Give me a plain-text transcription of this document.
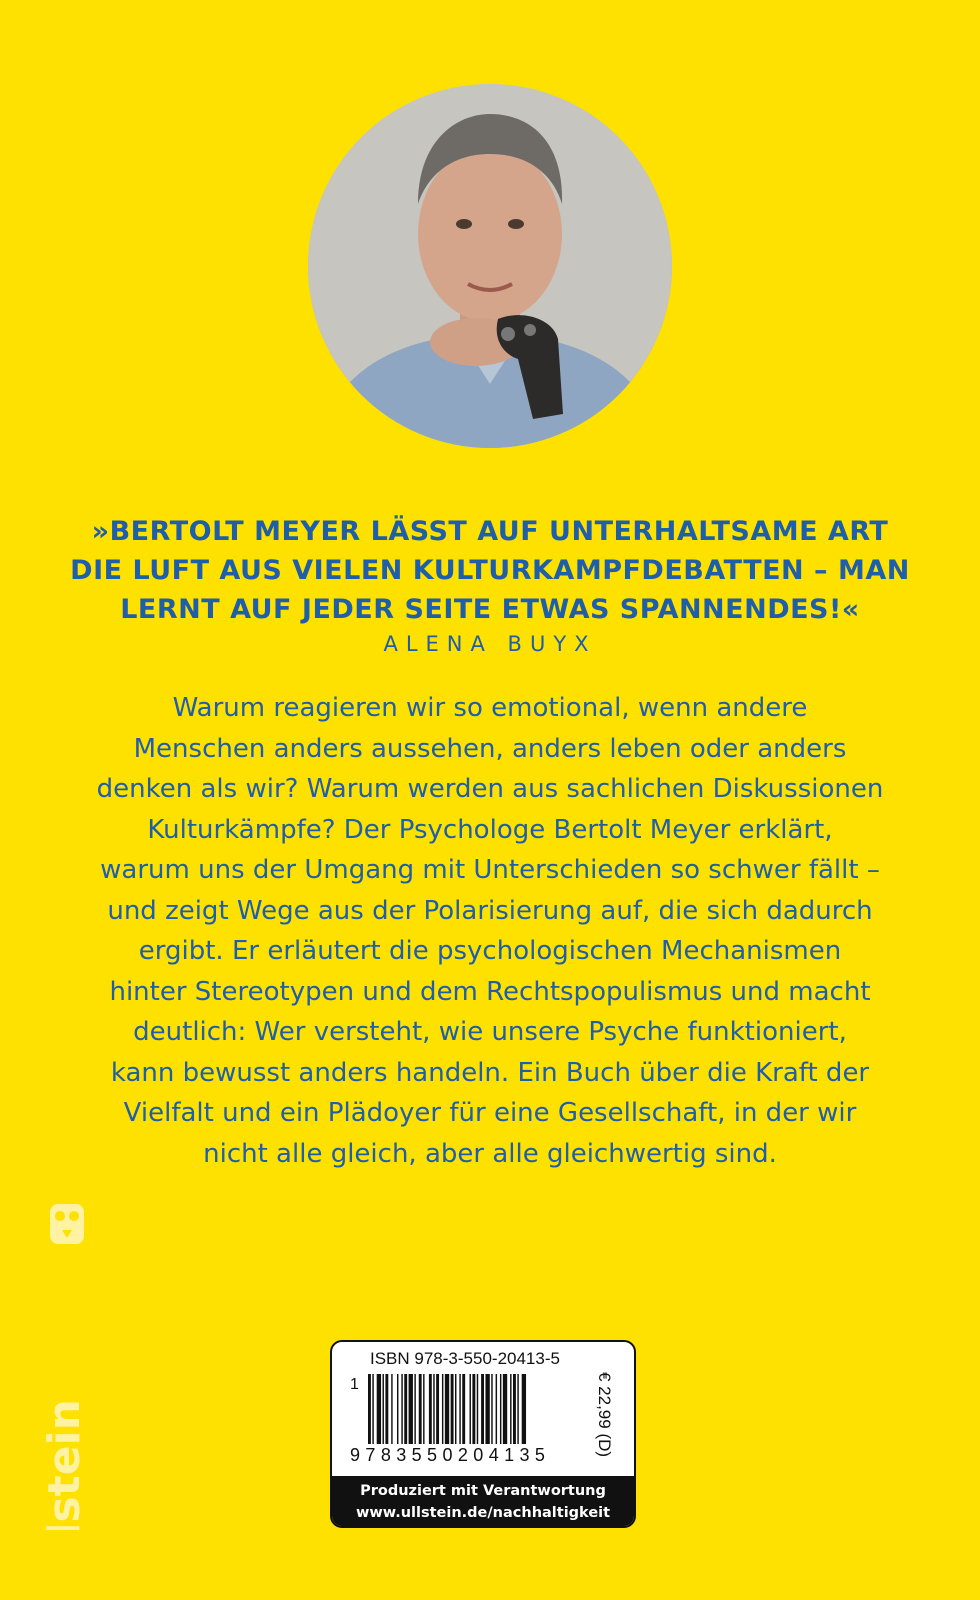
»BERTOLT MEYER LÄSST AUF UNTERHALTSAME ART
DIE LUFT AUS VIELEN KULTURKAMPFDEBATTEN – MAN
LERNT AUF JEDER SEITE ETWAS SPANNENDES!«
ALENA BUYX
Warum reagieren wir so emotional, wenn andere
Menschen anders aussehen, anders leben oder anders
denken als wir? Warum werden aus sachlichen Diskussionen
Kulturkämpfe? Der Psychologe Bertolt Meyer erklärt,
warum uns der Umgang mit Unterschieden so schwer fällt –
und zeigt Wege aus der Polarisierung auf, die sich dadurch
ergibt. Er erläutert die psychologischen Mechanismen
hinter Stereotypen und dem Rechtspopulismus und macht
deutlich: Wer versteht, wie unsere Psyche funktioniert,
kann bewusst anders handeln. Ein Buch über die Kraft der
Vielfalt und ein Plädoyer für eine Gesellschaft, in der wir
nicht alle gleich, aber alle gleichwertig sind.
ullstein
ISBN 978-3-550-20413-5
1
9783550204135	€ 22,99 (D)
Produziert mit Verantwortung
www.ullstein.de/nachhaltigkeit
